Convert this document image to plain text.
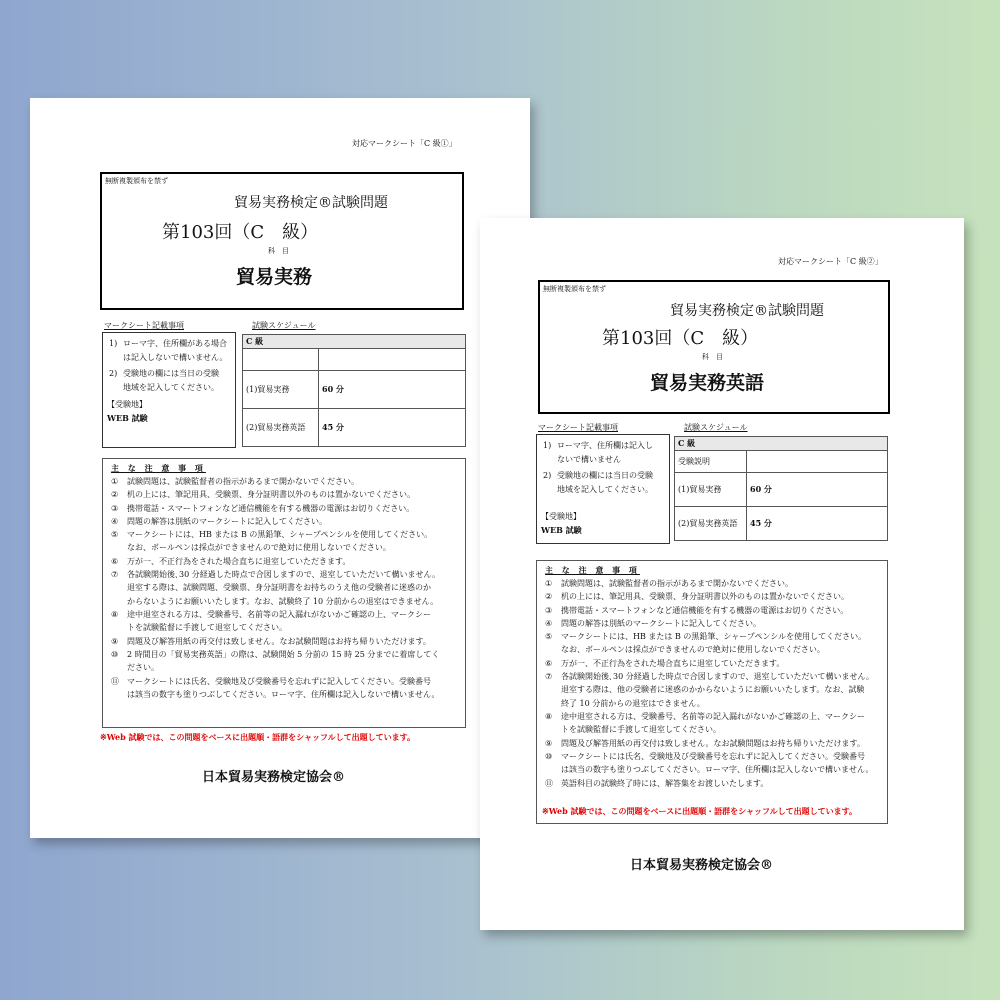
対応マークシート「C 級①」
無断複製頒布を禁ず
貿易実務検定®試験問題
第103回（C　級）
科　目
貿易実務
マークシート記載事項	試験スケジュール
1) ローマ字、住所欄がある場合
は記入しないで構いません。
2) 受験地の欄には当日の受験
地域を記入してください。
【受験地】
WEB 試験
C 級	

(1)貿易実務	60 分
(2)貿易実務英語	45 分
主 な 注 意 事 項
① 試験問題は、試験監督者の指示があるまで開かないでください。
② 机の上には、筆記用具、受験票、身分証明書以外のものは置かないでください。
③ 携帯電話・スマートフォンなど通信機能を有する機器の電源はお切りください。
④ 問題の解答は別紙のマークシートに記入してください。
⑤ マークシートには、HB または B の黒鉛筆、シャープペンシルを使用してください。
なお、ボールペンは採点ができませんので絶対に使用しないでください。
⑥ 万が一、不正行為をされた場合直ちに退室していただきます。
⑦ 各試験開始後､30 分経過した時点で合図しますので、退室していただいて構いません。
退室する際は、試験問題、受験票、身分証明書をお持ちのうえ他の受験者に迷惑のか
からないようにお願いいたします。なお、試験終了 10 分前からの退室はできません。
⑧ 途中退室される方は、受験番号、名前等の記入漏れがないかご確認の上、マークシー
トを試験監督に手渡して退室してください。
⑨ 問題及び解答用紙の再交付は致しません。なお試験問題はお持ち帰りいただけます。
⑩ 2 時間目の「貿易実務英語」の際は、試験開始 5 分前の 15 時 25 分までに着席してく
ださい。
⑪ マークシートには氏名、受験地及び受験番号を忘れずに記入してください。受験番号
は該当の数字も塗りつぶしてください。ローマ字、住所欄は記入しないで構いません。
※Web 試験では、この問題をベースに出題順・語群をシャッフルして出題しています。
日本貿易実務検定協会®
対応マークシート「C 級②」
無断複製頒布を禁ず
貿易実務検定®試験問題
第103回（C　級）
科　目
貿易実務英語
マークシート記載事項	試験スケジュール
1) ローマ字、住所欄は記入し
ないで構いません
2) 受験地の欄には当日の受験
地域を記入してください。
【受験地】
WEB 試験
C 級	
受験説明	
(1)貿易実務	60 分
(2)貿易実務英語	45 分
主 な 注 意 事 項
① 試験問題は、試験監督者の指示があるまで開かないでください。
② 机の上には、筆記用具、受験票、身分証明書以外のものは置かないでください。
③ 携帯電話・スマートフォンなど通信機能を有する機器の電源はお切りください。
④ 問題の解答は別紙のマークシートに記入してください。
⑤ マークシートには、HB または B の黒鉛筆、シャープペンシルを使用してください。
なお、ボールペンは採点ができませんので絶対に使用しないでください。
⑥ 万が一、不正行為をされた場合直ちに退室していただきます。
⑦ 各試験開始後､30 分経過した時点で合図しますので、退室していただいて構いません。
退室する際は、他の受験者に迷惑のかからないようにお願いいたします。なお、試験
終了 10 分前からの退室はできません。
⑧ 途中退室される方は、受験番号、名前等の記入漏れがないかご確認の上、マークシー
トを試験監督に手渡して退室してください。
⑨ 問題及び解答用紙の再交付は致しません。なお試験問題はお持ち帰りいただけます。
⑩ マークシートには氏名、受験地及び受験番号を忘れずに記入してください。受験番号
は該当の数字も塗りつぶしてください。ローマ字、住所欄は記入しないで構いません。
⑪ 英語科目の試験終了時には、解答集をお渡しいたします。
※Web 試験では、この問題をベースに出題順・語群をシャッフルして出題しています。
日本貿易実務検定協会®
